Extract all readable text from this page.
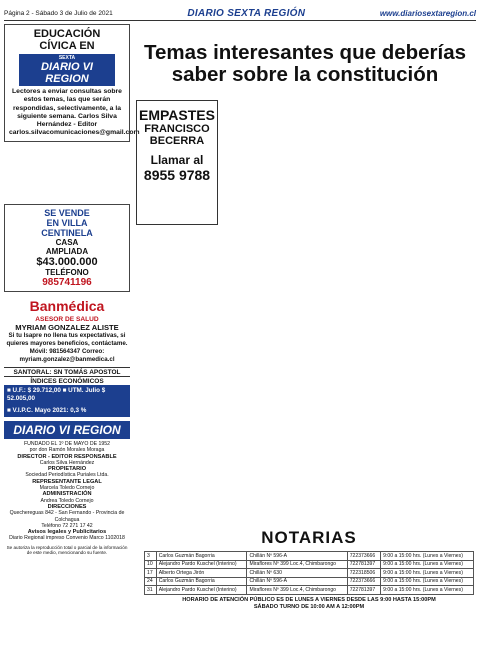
Página 2 - Sábado 3 de Julio de 2021	DIARIO SEXTA REGIÓN	www.diariosextaregion.cl
EDUCACIÓN
CÍVICA EN
SEXTA
DIARIO VI REGION
Lectores a enviar consultas sobre estos temas, las que serán respondidas, selectivamente, a la siguiente semana. Carlos Silva Hernández - Editor carlos.silvacomunicaciones@gmail.com
SE VENDE
EN VILLA
CENTINELA
CASA
AMPLIADA
$43.000.000
TELÉFONO
985741196
Banmédica
ASESOR DE SALUD
MYRIAM GONZALEZ ALISTE
Si tu Isapre no llena tus expectativas, si quieres mayores beneficios, contáctame. Móvil: 981564347 Correo: myriam.gonzalez@banmedica.cl
SANTORAL: SN TOMÁS APOSTOL
ÍNDICES ECONÓMICOS
■ U.F.: $ 29.712,00 ■ UTM. Julio $ 52.005,00
■ V.I.P.C. Mayo 2021: 0,3 %
DIARIO VI REGION
FUNDADO EL 1º DE MAYO DE 1952
por don Ramón Morales Moraga
DIRECTOR - EDITOR RESPONSABLE
Carlos Silva Hernández
PROPIETARIO
Sociedad Periodística Puriales Ltda.
REPRESENTANTE LEGAL
Marcela Toledo Cornejo
ADMINISTRACIÓN
Andrea Toledo Cornejo
DIRECCIONES
Quechereguas 842 - San Fernando - Provincia de Colchagua
Teléfono 72 271 17 42
Avisos legales y Publicitarios
Diario Regional impreso Convenio Marco 1102018
Se autoriza la reproducción total o parcial de la información de este medio, mencionando su fuente.
Temas interesantes que deberías saber sobre la constitución
EMPASTES
FRANCISCO
BECERRA
Llamar al
8955 9788
NOTARIAS
3	Carlos Guzmán Bagorria	Chillán Nº 596-A	722373666	9:00 a 15:00 hrs. (Lunes a Viernes)
10	Alejandro Pardo Kuschel (Interino)	Miraflores Nº 399 Loc.4, Chimbarongo	722781397	9:00 a 15:00 hrs. (Lunes a Viernes)
17	Alberto Ortega Jirón	Chillán Nº 630	722318506	9:00 a 15:00 hrs. (Lunes a Viernes)
24	Carlos Guzmán Bagorria	Chillán Nº 596-A	722373666	9:00 a 15:00 hrs. (Lunes a Viernes)
31	Alejandro Pardo Kuschel (Interino)	Miraflores Nº 399 Loc.4, Chimbarongo	722781397	9:00 a 15:00 hrs. (Lunes a Viernes)
HORARIO DE ATENCIÓN PÚBLICO ES DE LUNES A VIERNES DESDE LAS 9:00 HASTA 15:00PM
SÁBADO TURNO DE 10:00 AM A 12:00PM
